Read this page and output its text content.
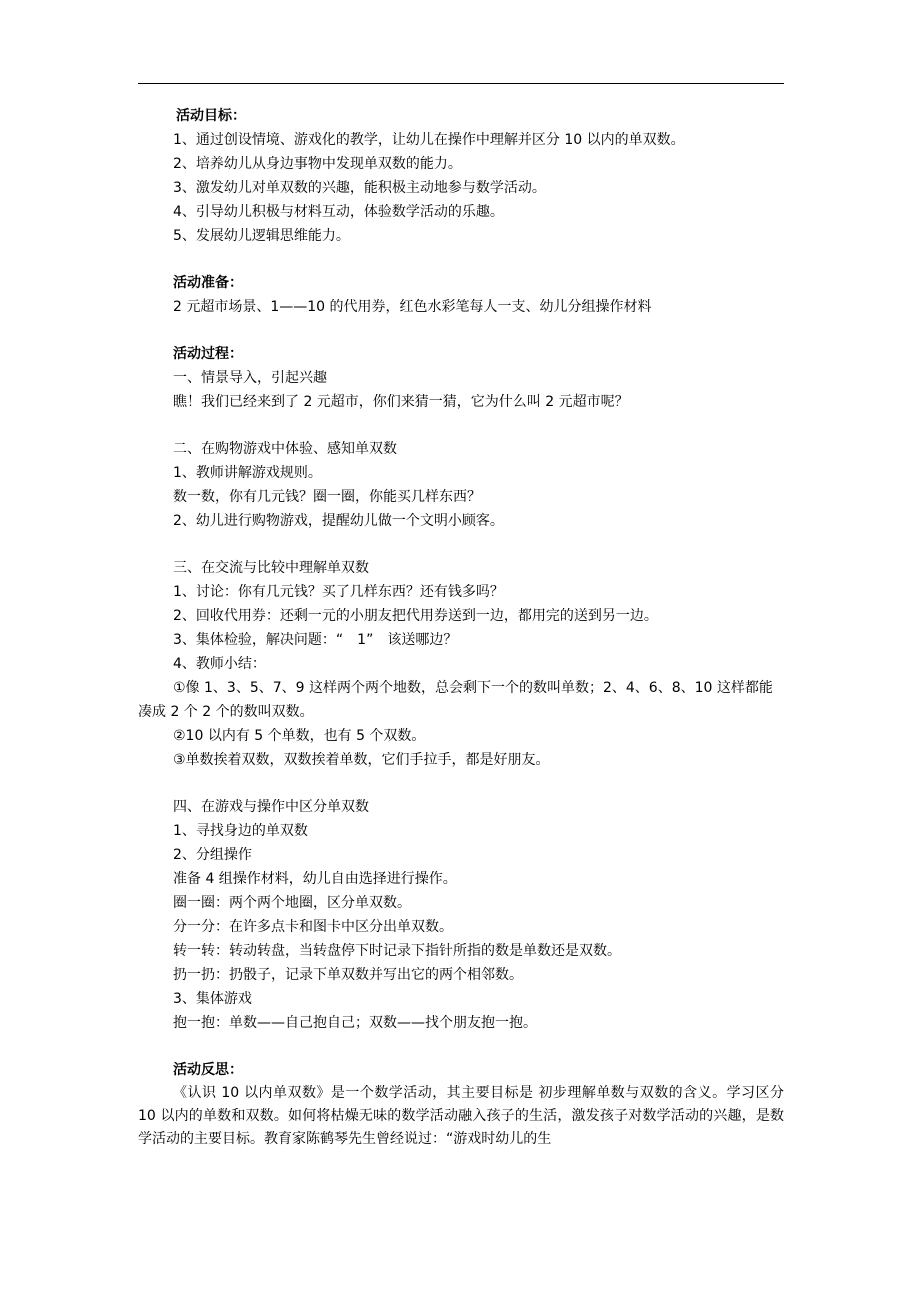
活动目标：
1、通过创设情境、游戏化的教学，让幼儿在操作中理解并区分 10 以内的单双数。
2、培养幼儿从身边事物中发现单双数的能力。
3、激发幼儿对单双数的兴趣，能积极主动地参与数学活动。
4、引导幼儿积极与材料互动，体验数学活动的乐趣。
5、发展幼儿逻辑思维能力。
活动准备：
2 元超市场景、1——10 的代用券，红色水彩笔每人一支、幼儿分组操作材料
活动过程：
一、情景导入，引起兴趣
瞧！我们已经来到了 2 元超市，你们来猜一猜，它为什么叫 2 元超市呢？
二、在购物游戏中体验、感知单双数
1、教师讲解游戏规则。
数一数，你有几元钱？圈一圈，你能买几样东西？
2、幼儿进行购物游戏，提醒幼儿做一个文明小顾客。
三、在交流与比较中理解单双数
1、讨论：你有几元钱？买了几样东西？还有钱多吗？
2、回收代用券：还剩一元的小朋友把代用券送到一边，都用完的送到另一边。
3、集体检验，解决问题：“　1”　该送哪边？
4、教师小结：
①像 1、3、5、7、9 这样两个两个地数，总会剩下一个的数叫单数；2、4、6、8、10 这样都能凑成 2 个 2 个的数叫双数。
②10 以内有 5 个单数，也有 5 个双数。
③单数挨着双数，双数挨着单数，它们手拉手，都是好朋友。
四、在游戏与操作中区分单双数
1、寻找身边的单双数
2、分组操作
准备 4 组操作材料，幼儿自由选择进行操作。
圈一圈：两个两个地圈，区分单双数。
分一分：在许多点卡和图卡中区分出单双数。
转一转：转动转盘，当转盘停下时记录下指针所指的数是单数还是双数。
扔一扔：扔骰子，记录下单双数并写出它的两个相邻数。
3、集体游戏
抱一抱：单数——自己抱自己；双数——找个朋友抱一抱。
活动反思：
《认识 10 以内单双数》是一个数学活动，其主要目标是 初步理解单数与双数的含义。学习区分 10 以内的单数和双数。如何将枯燥无味的数学活动融入孩子的生活，激发孩子对数学活动的兴趣，是数学活动的主要目标。教育家陈鹤琴先生曾经说过：“游戏时幼儿的生
